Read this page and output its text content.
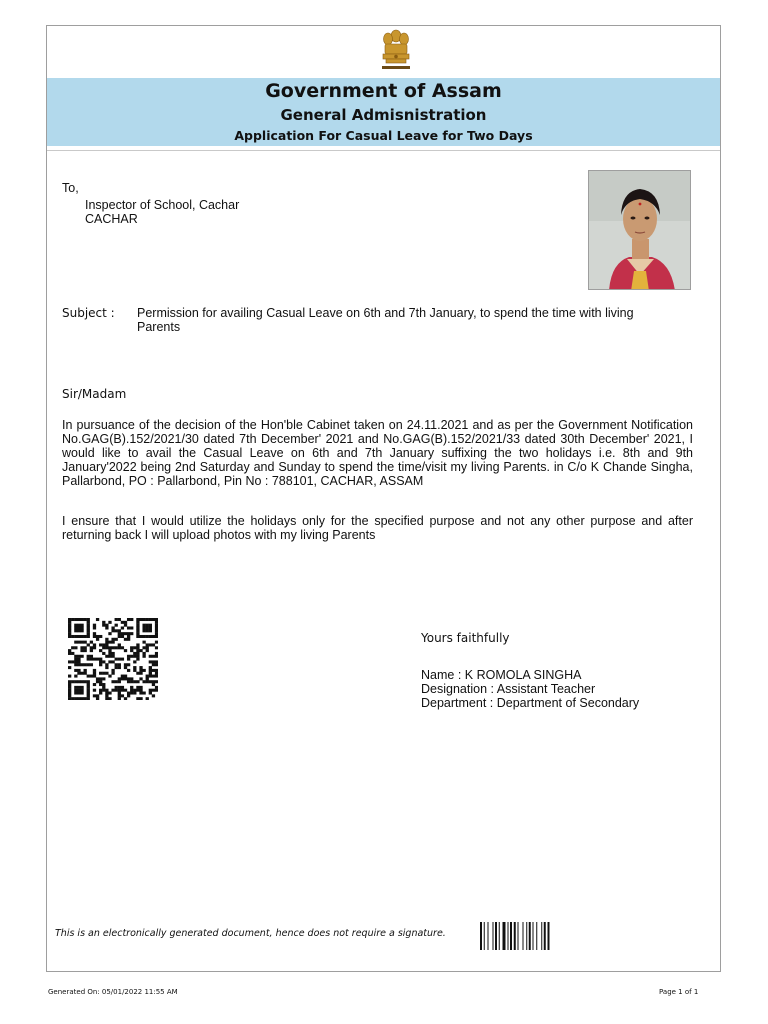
Government of Assam
General Admisnistration
Application For Casual Leave for Two Days
To,
Inspector of School, Cachar
CACHAR
Subject : Permission for availing Casual Leave on 6th and 7th January, to spend the time with living
Parents
Sir/Madam
In pursuance of the decision of the Hon'ble Cabinet taken on 24.11.2021 and as per the Government Notification No.GAG(B).152/2021/30 dated 7th December' 2021 and No.GAG(B).152/2021/33 dated 30th December' 2021, I would like to avail the Casual Leave on 6th and 7th January suffixing the two holidays i.e. 8th and 9th January'2022 being 2nd Saturday and Sunday to spend the time/visit my living Parents. in C/o K Chande Singha, Pallarbond, PO : Pallarbond, Pin No : 788101, CACHAR, ASSAM
I ensure that I would utilize the holidays only for the specified purpose and not any other purpose and after returning back I will upload photos with my living Parents
Yours faithfully
Name : K ROMOLA SINGHA
Designation : Assistant Teacher
Department : Department of Secondary
This is an electronically generated document, hence does not require a signature.
Generated On: 05/01/2022 11:55 AM	Page 1 of 1
